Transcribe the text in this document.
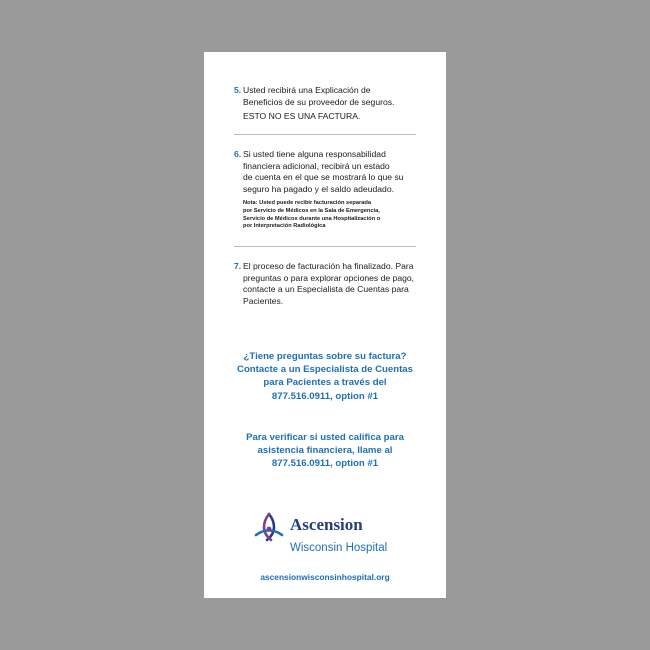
5. Usted recibirá una Explicación de

Beneficios de su proveedor de seguros.

ESTO NO ES UNA FACTURA.

6. Si usted tiene alguna responsabilidad

financiera adicional, recibirá un estado

de cuenta en el que se mostrará lo que su

seguro ha pagado y el saldo adeudado.

Nota: Usted puede recibir facturación separada
por Servicio de Médicos en la Sala de Emergencia,
Servicio de Médicos durante una Hospitalización o
por Interpretación Radiológica
7. El proceso de facturación ha finalizado. Para

preguntas o para explorar opciones de pago,

contacte a un Especialista de Cuentas para

Pacientes.

¿Tiene preguntas sobre su factura?
Contacte a un Especialista de Cuentas
para Pacientes a través del
877.516.0911, option #1
Para verificar si usted califica para
asistencia financiera, llame al
877.516.0911, option #1
Ascension
Wisconsin Hospital
ascensionwisconsinhospital.org
